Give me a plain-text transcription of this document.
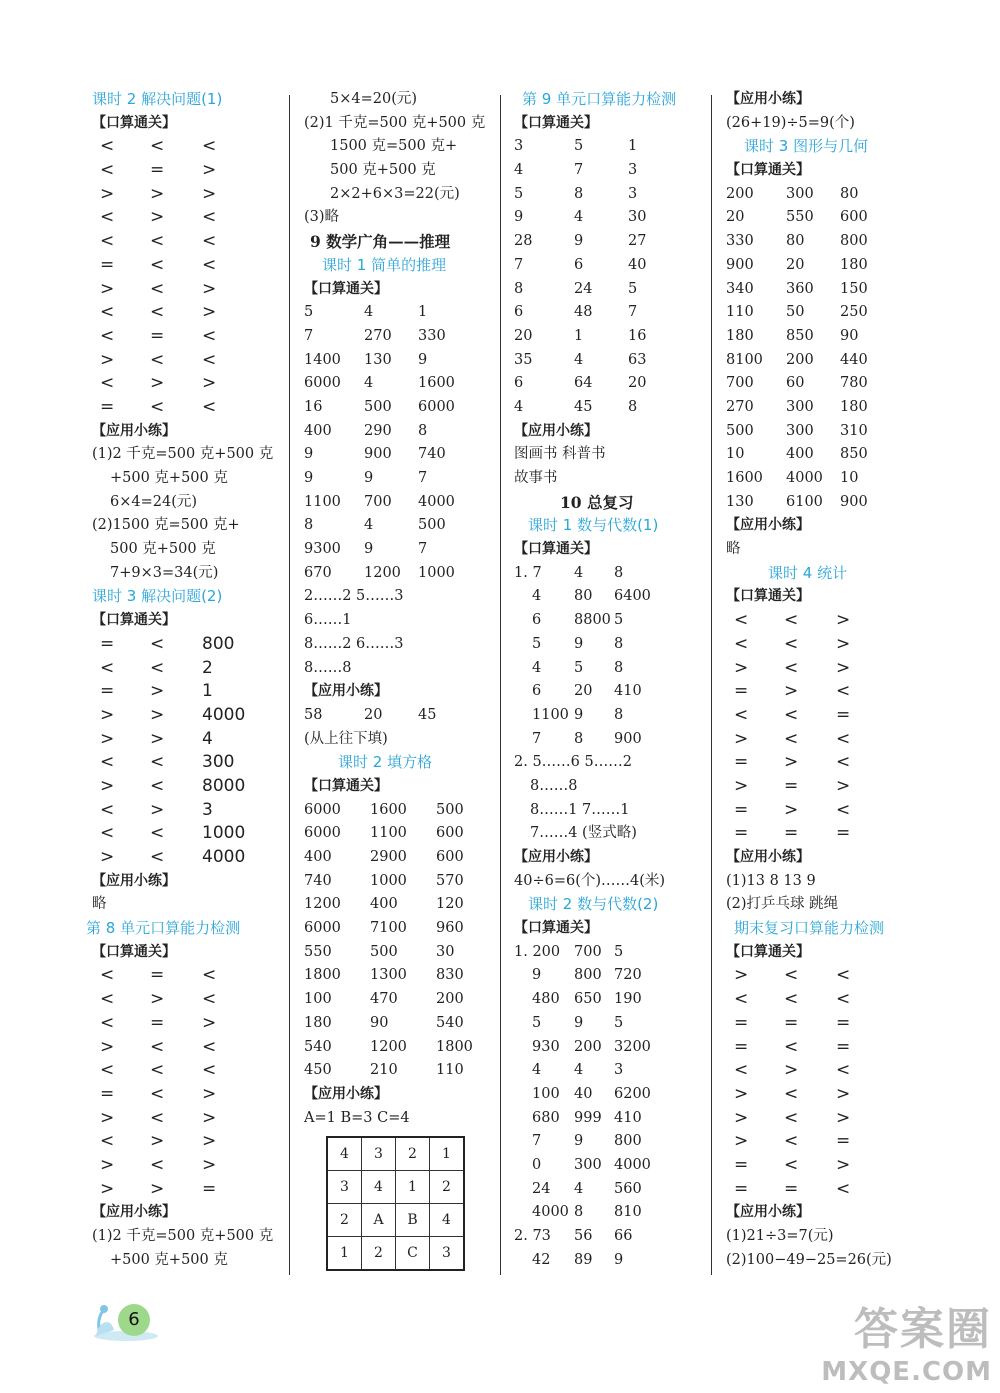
课时 2 解决问题(1)
【口算通关】
< < <
< = >
> > >
< > <
< < <
= < <
> < >
< < >
< = <
> < <
< > >
= < <
【应用小练】
(1)2 千克=500 克+500 克
+500 克+500 克
6×4=24(元)
(2)1500 克=500 克+
500 克+500 克
7+9×3=34(元)
课时 3 解决问题(2)
【口算通关】
= < 800
< < 2
= > 1
> > 4000
> > 4
< < 300
> < 8000
< > 3
< < 1000
> < 4000
【应用小练】
略
第 8 单元口算能力检测
【口算通关】
< = <
< > <
< = >
> < <
< < <
= < >
> < >
< > >
> < >
> > =
【应用小练】
(1)2 千克=500 克+500 克
+500 克+500 克
5×4=20(元)
(2)1 千克=500 克+500 克
1500 克=500 克+
500 克+500 克
2×2+6×3=22(元)
(3)略
9 数学广角——推理
课时 1 简单的推理
【口算通关】
5	4	1
7	270 330
1400 130 9
6000 4	1600
16	500 6000
400 290 8
9	900 740
9	9	7
1100 700 4000
8	4	500
9300 9	7
670 1200 1000
2……2 5……3
6……1
8……2 6……3
8……8
【应用小练】
58	20 45
(从上往下填)
课时 2 填方格
【口算通关】
6000 1600 500
6000 1100 600
400	2900 600
740	1000 570
1200 400	120
6000 7100 960
550	500	30
1800 1300 830
100	470	200
180	90	540
540	1200 1800
450	210	110
【应用小练】
A=1 B=3 C=4
4	3	2	1
3	4	1	2
2	A	B	4
1	2	C	3
第 9 单元口算能力检测
【口算通关】
3	5	1
4	7	3
5	8	3
9	4	30
28	9	27
7	6	40
8	24 5
6	48 7
20	1	16
35	4	63
6	64 20
4	45 8
【应用小练】
图画书 科普书
故事书
10 总复习
课时 1 数与代数(1)
【口算通关】
1. 7 4 8
4 80 6400
6 8800 5
5 9 8
4 5 8
6 20 410
1100 9 8
7 8 900
2. 5……6 5……2
8……8
8……1 7……1
7……4 (竖式略)
【应用小练】
40÷6=6(个)……4(米)
课时 2 数与代数(2)
【口算通关】
1. 200 700 5
9 800 720
480 650 190
5 9 5
930 200 3200
4 4 3
100 40 6200
680 999 410
7 9 800
0 300 4000
24 4 560
4000 8 810
2. 73 56 66
42 89 9
【应用小练】
(26+19)÷5=9(个)
课时 3 图形与几何
【口算通关】
200 300 80
20	550 600
330 80 800
900 20 180
340 360 150
110 50 250
180 850 90
8100 200 440
700 60 780
270 300 180
500 300 310
10	400 850
1600 4000 10
130 6100 900
【应用小练】
略
课时 4 统计
【口算通关】
< < >
< < >
> < >
= > <
< < =
> < <
= > <
> = >
= > <
= = =
【应用小练】
(1)13 8 13 9
(2)打乒乓球 跳绳
期末复习口算能力检测
【口算通关】
> < <
< < <
= = =
= < =
< > <
> < >
> < >
> < =
= < >
= = <
【应用小练】
(1)21÷3=7(元)
(2)100−49−25=26(元)
6	答案圈
MXQE.COM
